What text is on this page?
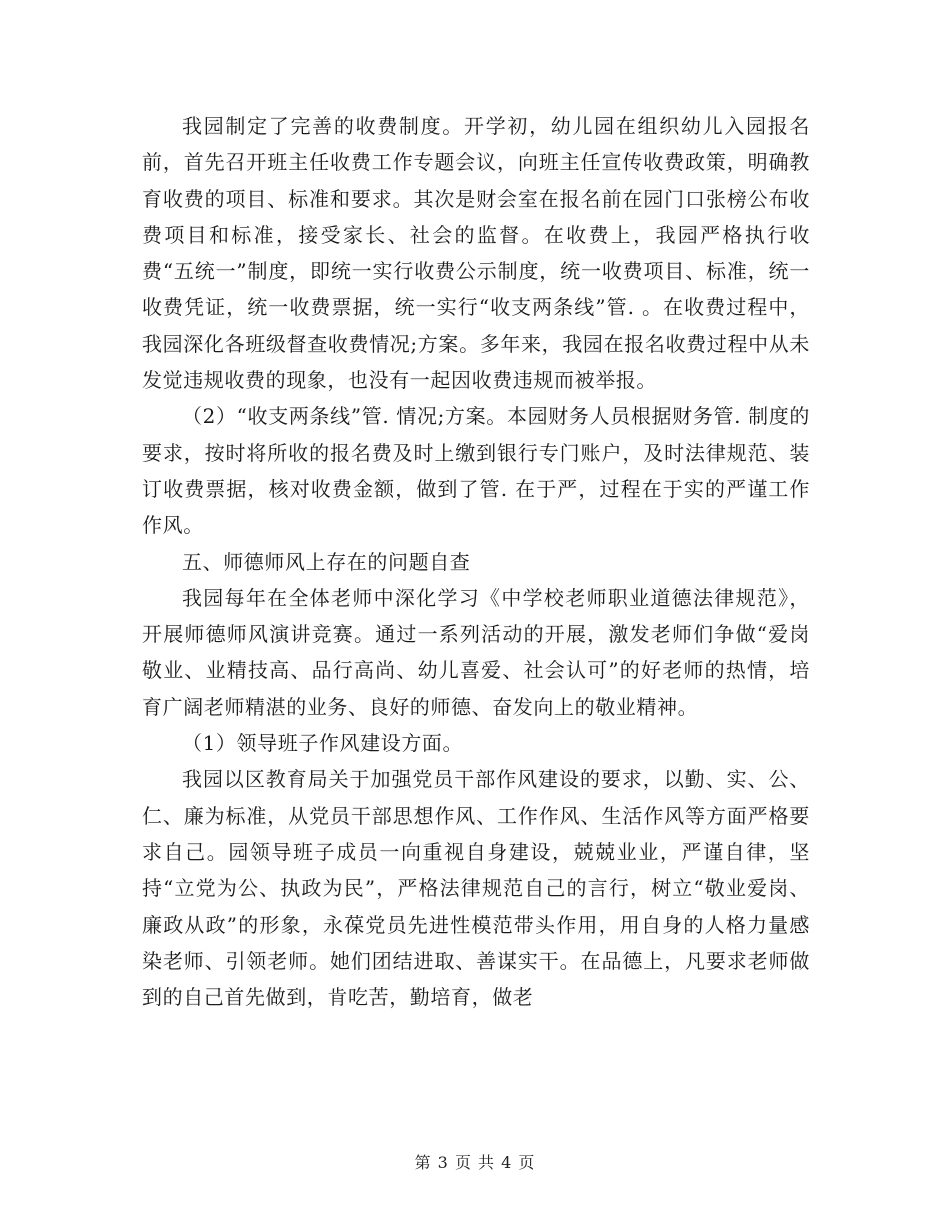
我园制定了完善的收费制度。开学初，幼儿园在组织幼儿入园报名前，首先召开班主任收费工作专题会议，向班主任宣传收费政策，明确教育收费的项目、标准和要求。其次是财会室在报名前在园门口张榜公布收费项目和标准，接受家长、社会的监督。在收费上，我园严格执行收费“五统一”制度，即统一实行收费公示制度，统一收费项目、标准，统一收费凭证，统一收费票据，统一实行“收支两条线”管. 。在收费过程中，我园深化各班级督查收费情况;方案。多年来，我园在报名收费过程中从未发觉违规收费的现象，也没有一起因收费违规而被举报。

（2）“收支两条线”管. 情况;方案。本园财务人员根据财务管. 制度的要求，按时将所收的报名费及时上缴到银行专门账户，及时法律规范、装订收费票据，核对收费金额，做到了管. 在于严，过程在于实的严谨工作作风。

五、师德师风上存在的问题自查

我园每年在全体老师中深化学习《中学校老师职业道德法律规范》，开展师德师风演讲竞赛。通过一系列活动的开展，激发老师们争做“爱岗敬业、业精技高、品行高尚、幼儿喜爱、社会认可”的好老师的热情，培育广阔老师精湛的业务、良好的师德、奋发向上的敬业精神。

（1）领导班子作风建设方面。

我园以区教育局关于加强党员干部作风建设的要求，以勤、实、公、仁、廉为标准，从党员干部思想作风、工作作风、生活作风等方面严格要求自己。园领导班子成员一向重视自身建设，兢兢业业，严谨自律，坚持“立党为公、执政为民”，严格法律规范自己的言行，树立“敬业爱岗、廉政从政”的形象，永葆党员先进性模范带头作用，用自身的人格力量感染老师、引领老师。她们团结进取、善谋实干。在品德上，凡要求老师做到的自己首先做到，肯吃苦，勤培育，做老

第 3 页 共 4 页
